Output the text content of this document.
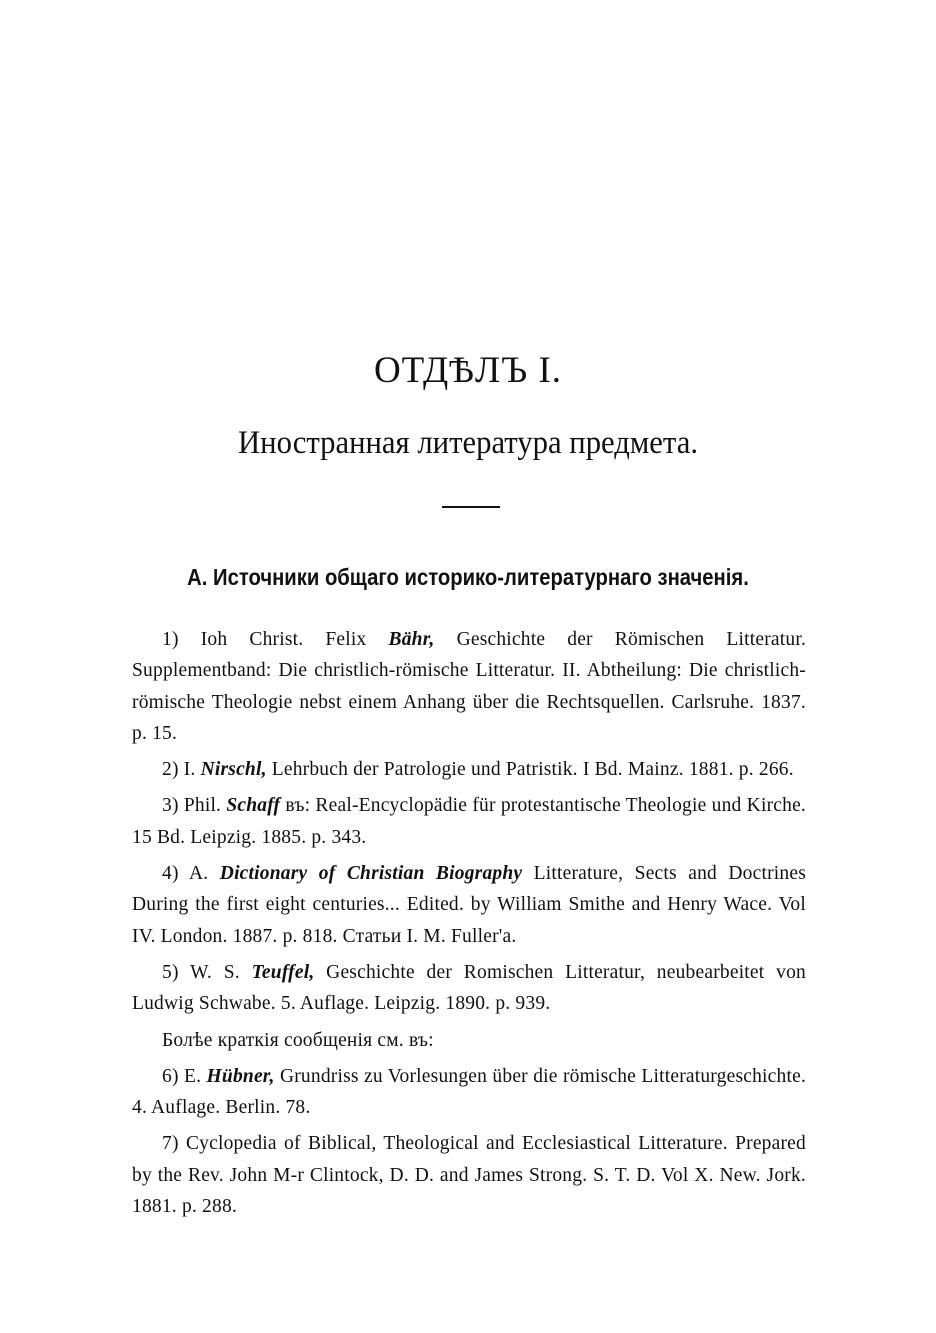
ОТДѢЛЪ I.
Иностранная литература предмета.
А. Источники общаго историко-литературнаго значенія.
1) Ioh Christ. Felix Bähr, Geschichte der Römischen Litteratur. Supplementband: Die christlich-römische Litteratur. II. Abtheilung: Die christlich-römische Theologie nebst einem Anhang über die Rechtsquellen. Carlsruhe. 1837. p. 15.
2) I. Nirschl, Lehrbuch der Patrologie und Patristik. I Bd. Mainz. 1881. p. 266.
3) Phil. Schaff въ: Real-Encyclopädie für protestantische Theologie und Kirche. 15 Bd. Leipzig. 1885. p. 343.
4) A. Dictionary of Christian Biography Litterature, Sects and Doctrines During the first eight centuries... Edited. by William Smithe and Henry Wace. Vol IV. London. 1887. p. 818. Статьи I. M. Fuller'a.
5) W. S. Teuffel, Geschichte der Romischen Litteratur, neubearbeitet von Ludwig Schwabe. 5. Auflage. Leipzig. 1890. p. 939.
Болѣе краткія сообщенія см. въ:
6) E. Hübner, Grundriss zu Vorlesungen über die römische Litteraturgeschichte. 4. Auflage. Berlin. 78.
7) Cyclopedia of Biblical, Theological and Ecclesiastical Litterature. Prepared by the Rev. John M-r Clintock, D. D. and James Strong. S. T. D. Vol X. New. Jork. 1881. p. 288.
